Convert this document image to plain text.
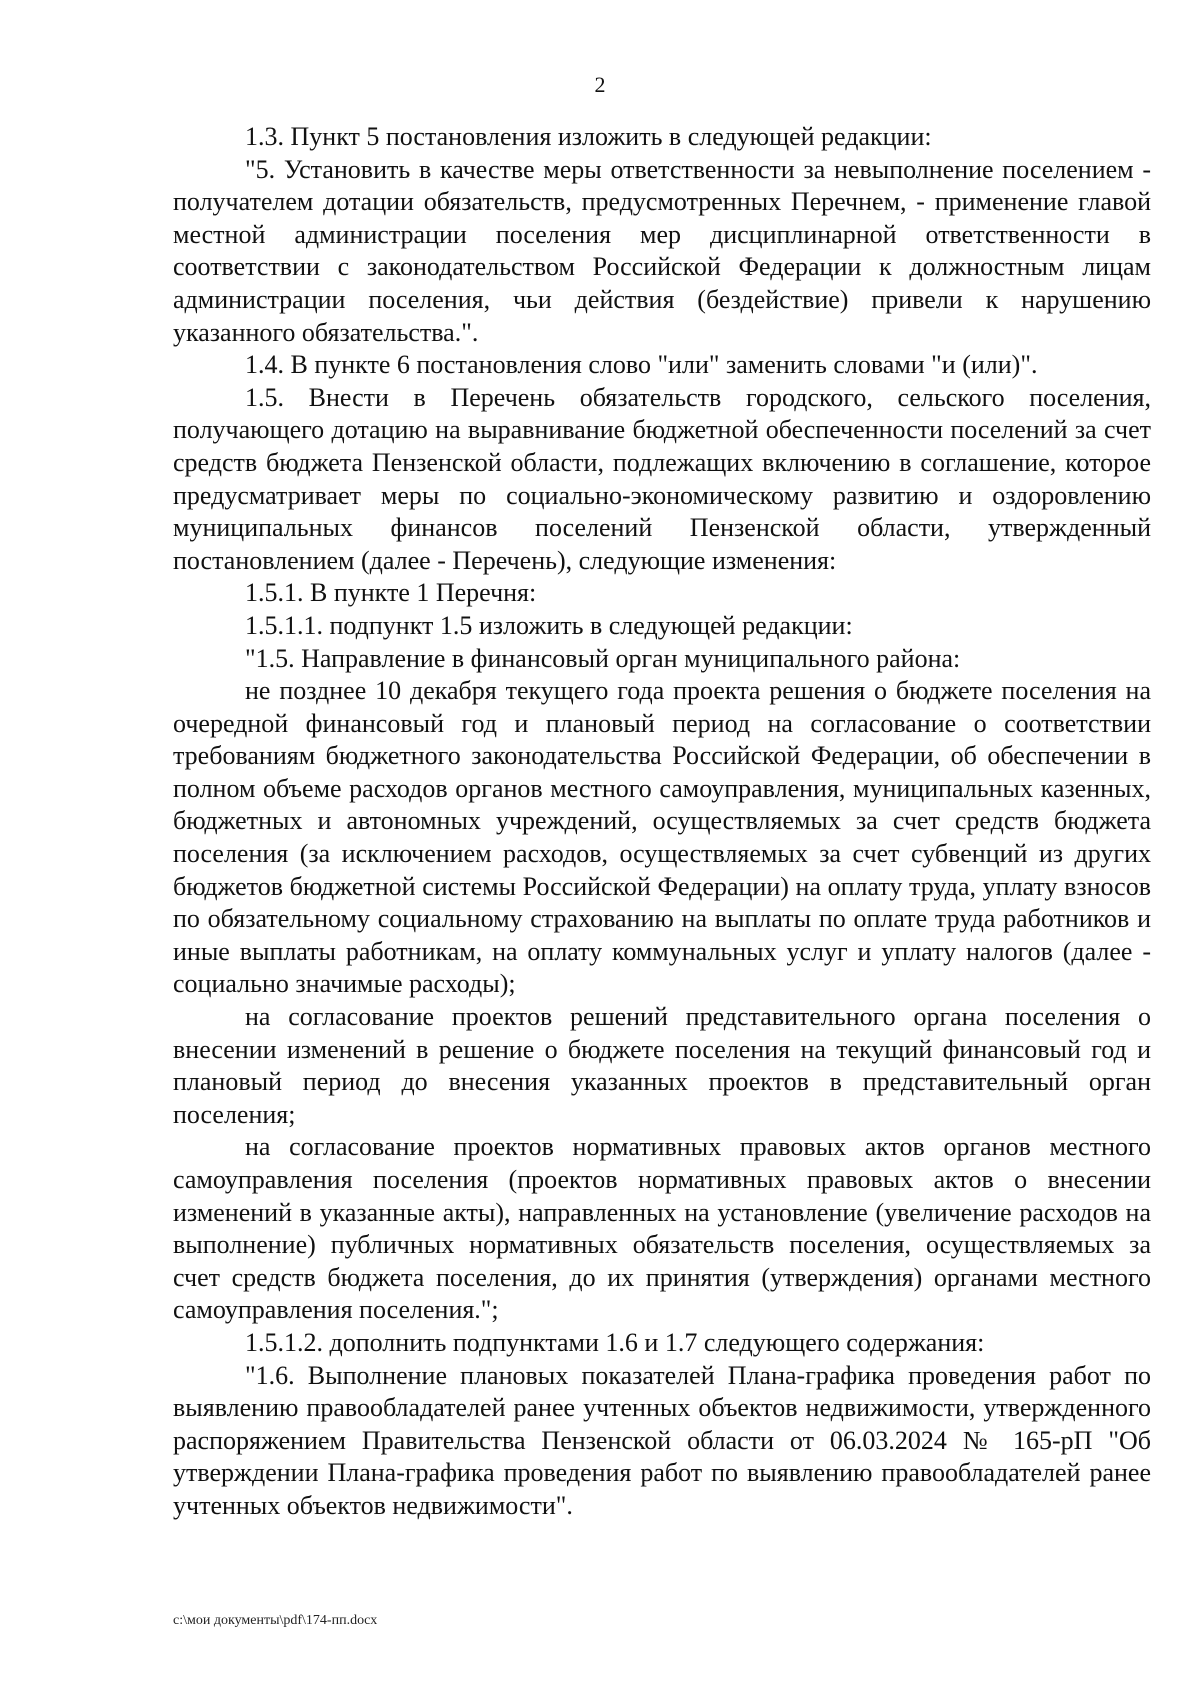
2

1.3. Пункт 5 постановления изложить в следующей редакции:

"5. Установить в качестве меры ответственности за невыполнение поселением - получателем дотации обязательств, предусмотренных Перечнем, - применение главой местной администрации поселения мер дисциплинарной ответственности в соответствии с законодательством Российской Федерации к должностным лицам администрации поселения, чьи действия (бездействие) привели к нарушению указанного обязательства.".

1.4. В пункте 6 постановления слово "или" заменить словами "и (или)".

1.5. Внести в Перечень обязательств городского, сельского поселения, получающего дотацию на выравнивание бюджетной обеспеченности поселений за счет средств бюджета Пензенской области, подлежащих включению в соглашение, которое предусматривает меры по социально-экономическому развитию и оздоровлению муниципальных финансов поселений Пензенской области, утвержденный постановлением (далее - Перечень), следующие изменения:

1.5.1. В пункте 1 Перечня:

1.5.1.1. подпункт 1.5 изложить в следующей редакции:

"1.5. Направление в финансовый орган муниципального района:

не позднее 10 декабря текущего года проекта решения о бюджете поселения на очередной финансовый год и плановый период на согласование о соответствии требованиям бюджетного законодательства Российской Федерации, об обеспечении в полном объеме расходов органов местного самоуправления, муниципальных казенных, бюджетных и автономных учреждений, осуществляемых за счет средств бюджета поселения (за исключением расходов, осуществляемых за счет субвенций из других бюджетов бюджетной системы Российской Федерации) на оплату труда, уплату взносов по обязательному социальному страхованию на выплаты по оплате труда работников и иные выплаты работникам, на оплату коммунальных услуг и уплату налогов (далее - социально значимые расходы);

на согласование проектов решений представительного органа поселения о внесении изменений в решение о бюджете поселения на текущий финансовый год и плановый период до внесения указанных проектов в представительный орган поселения;

на согласование проектов нормативных правовых актов органов местного самоуправления поселения (проектов нормативных правовых актов о внесении изменений в указанные акты), направленных на установление (увеличение расходов на выполнение) публичных нормативных обязательств поселения, осуществляемых за счет средств бюджета поселения, до их принятия (утверждения) органами местного самоуправления поселения.";

1.5.1.2. дополнить подпунктами 1.6 и 1.7 следующего содержания:

"1.6. Выполнение плановых показателей Плана-графика проведения работ по выявлению правообладателей ранее учтенных объектов недвижимости, утвержденного распоряжением Правительства Пензенской области от 06.03.2024 № 165-рП "Об утверждении Плана-графика проведения работ по выявлению правообладателей ранее учтенных объектов недвижимости".

c:\мои документы\pdf\174-пп.docx
